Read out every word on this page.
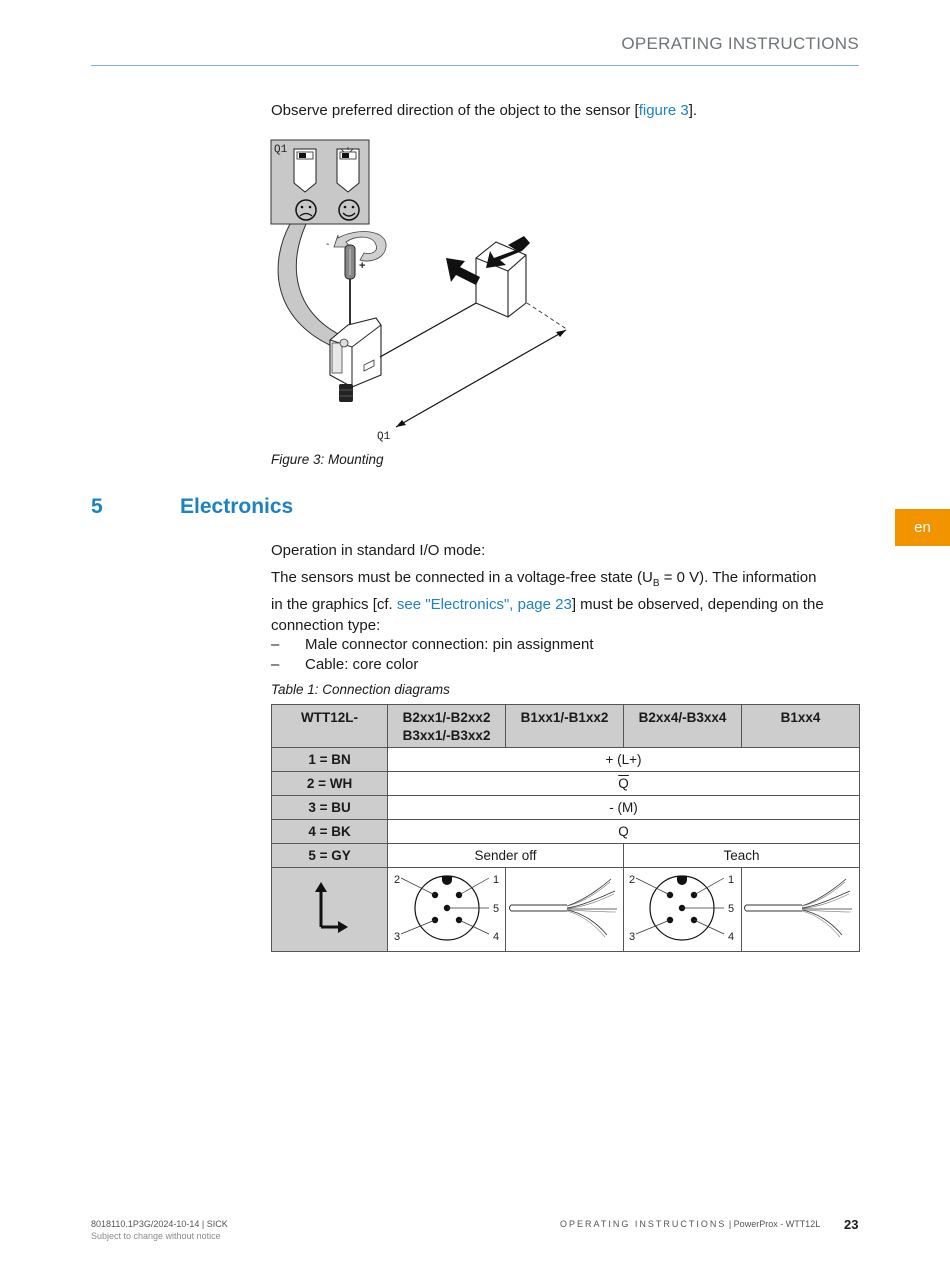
OPERATING INSTRUCTIONS
Observe preferred direction of the object to the sensor [figure 3].
Q1
-
+
Q1
Figure 3: Mounting
5	Electronics
en
Operation in standard I/O mode:
The sensors must be connected in a voltage-free state ($U_B = 0$ V). The information
in the graphics [cf. see "Electronics", page 23] must be observed, depending on the
connection type:
– Male connector connection: pin assignment
– Cable: core color
Table 1: Connection diagrams
WTT12L-	B2xx1/-B2xx2
B3xx1/-B3xx2	B1xx1/-B1xx2	B2xx4/-B3xx4	B1xx4
1 = BN	+ (L+)			
2 = WH	$\overline{Q}$
3 = BU	- (M)			
4 = BK	Q			
5 = GY	Sender off		Teach	

2 1
5
3 4		2 1
5
3 4

8018110.1P3G/2024-10-14 | SICK
Subject to change without notice
OPERATING INSTRUCTIONS | PowerProx - WTT12L 23
